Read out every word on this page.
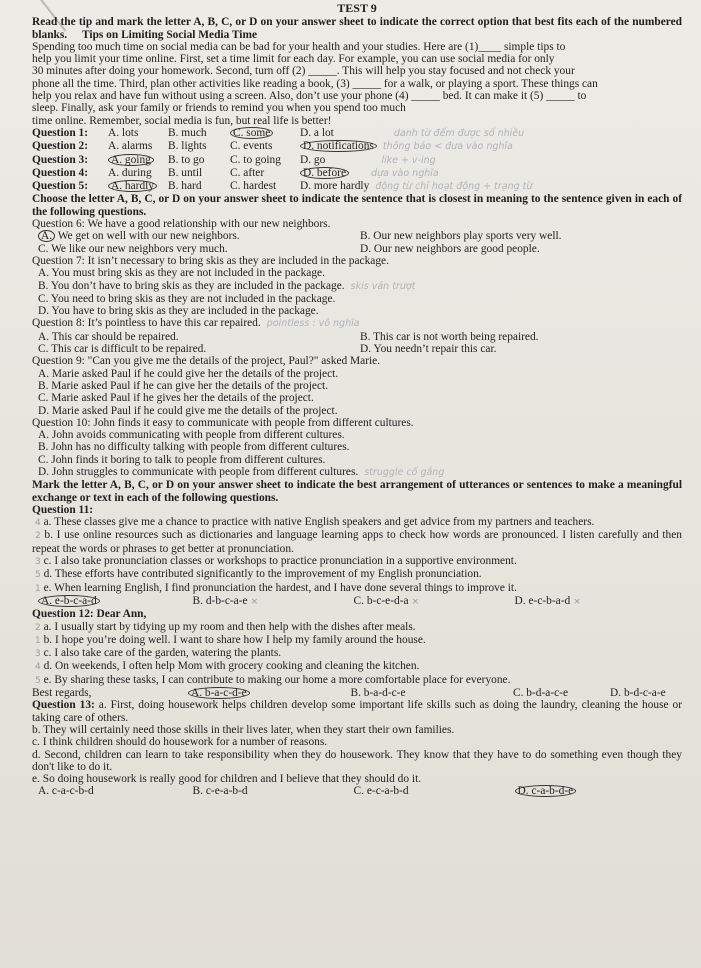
TEST 9

Read the tip and mark the letter A, B, C, or D on your answer sheet to indicate the correct option that best fits each of the numbered blanks. Tips on Limiting Social Media Time

Spending too much time on social media can be bad for your health and your studies. Here are (1)____ simple tips to

help you limit your time online. First, set a time limit for each day. For example, you can use social media for only

30 minutes after doing your homework. Second, turn off (2) _____. This will help you stay focused and not check your

phone all the time. Third, plan other activities like reading a book, (3) _____ for a walk, or playing a sport. These things can

help you relax and have fun without using a screen. Also, don’t use your phone (4) _____ bed. It can make it (5) _____ to

sleep. Finally, ask your family or friends to remind you when you spend too much

time online. Remember, social media is fun, but real life is better!

Question 1:	A. lots	B. much	C. some	D. a lot	danh từ đếm được số nhiều
Question 2:	A. alarms	B. lights	C. events	D. notifications thông báo < đưa vào nghĩa
Question 3:	A. going	B. to go	C. to going	D. go	like + v-ing
Question 4:	A. during	B. until	C. after	D. before	dựa vào nghĩa
Question 5:	A. hardly	B. hard	C. hardest	D. more hardly động từ chỉ hoạt động + trạng từ

Choose the letter A, B, C, or D on your answer sheet to indicate the sentence that is closest in meaning to the sentence given in each of the following questions.

Question 6: We have a good relationship with our new neighbors.

A. We get on well with our new neighbors.	B. Our new neighbors play sports very well.
C. We like our new neighbors very much.	D. Our new neighbors are good people.

Question 7: It isn’t necessary to bring skis as they are included in the package.

A. You must bring skis as they are not included in the package.

B. You don’t have to bring skis as they are included in the package. skis ván trượt

C. You need to bring skis as they are not included in the package.

D. You have to bring skis as they are included in the package.

Question 8: It’s pointless to have this car repaired. pointless : vô nghĩa

A. This car should be repaired.	B. This car is not worth being repaired.
C. This car is difficult to be repaired.	D. You needn’t repair this car.

Question 9: "Can you give me the details of the project, Paul?" asked Marie.

A. Marie asked Paul if he could give her the details of the project.

B. Marie asked Paul if he can give her the details of the project.

C. Marie asked Paul if he gives her the details of the project.

D. Marie asked Paul if he could give me the details of the project.

Question 10: John finds it easy to communicate with people from different cultures.

A. John avoids communicating with people from different cultures.

B. John has no difficulty talking with people from different cultures.

C. John finds it boring to talk to people from different cultures.

D. John struggles to communicate with people from different cultures. struggle cố gắng

Mark the letter A, B, C, or D on your answer sheet to indicate the best arrangement of utterances or sentences to make a meaningful exchange or text in each of the following questions.

Question 11:

4 a. These classes give me a chance to practice with native English speakers and get advice from my partners and teachers.

2 b. I use online resources such as dictionaries and language learning apps to check how words are pronounced. I listen carefully and then repeat the words or phrases to get better at pronunciation.

3 c. I also take pronunciation classes or workshops to practice pronunciation in a supportive environment.

5 d. These efforts have contributed significantly to the improvement of my English pronunciation.

1 e. When learning English, I find pronunciation the hardest, and I have done several things to improve it.

A. e-b-c-a-d	B. d-b-c-a-e ×	C. b-c-e-d-a ×	D. e-c-b-a-d ×

Question 12: Dear Ann,

2 a. I usually start by tidying up my room and then help with the dishes after meals.

1 b. I hope you’re doing well. I want to share how I help my family around the house.

3 c. I also take care of the garden, watering the plants.

4 d. On weekends, I often help Mom with grocery cooking and cleaning the kitchen.

5 e. By sharing these tasks, I can contribute to making our home a more comfortable place for everyone.

Best regards,	A. b-a-c-d-e	B. b-a-d-c-e	C. b-d-a-c-e	D. b-d-c-a-e

Question 13: a. First, doing housework helps children develop some important life skills such as doing the laundry, cleaning the house or taking care of others.

b. They will certainly need those skills in their lives later, when they start their own families.

c. I think children should do housework for a number of reasons.

d. Second, children can learn to take responsibility when they do housework. They know that they have to do something even though they don't like to do it.

e. So doing housework is really good for children and I believe that they should do it.

A. c-a-c-b-d	B. c-e-a-b-d	C. e-c-a-b-d	D. c-a-b-d-e
